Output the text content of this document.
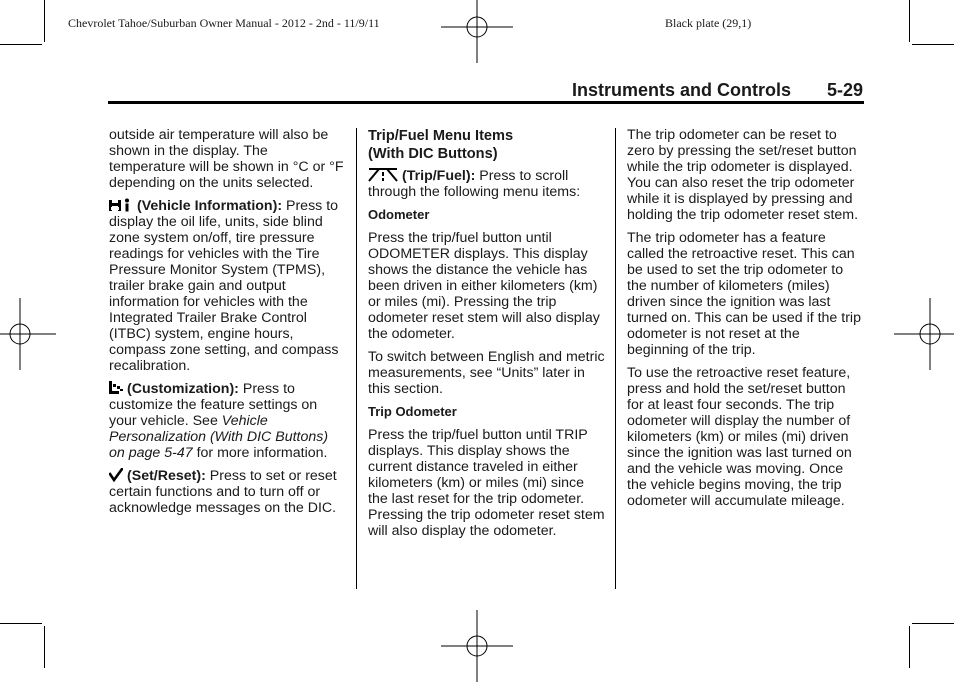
Chevrolet Tahoe/Suburban Owner Manual - 2012 - 2nd - 11/9/11	Black plate (29,1)
Instruments and Controls 5-29

outside air temperature will also be shown in the display. The temperature will be shown in °C or °F depending on the units selected.

(Vehicle Information): Press to display the oil life, units, side blind zone system on/off, tire pressure readings for vehicles with the Tire Pressure Monitor System (TPMS), trailer brake gain and output information for vehicles with the Integrated Trailer Brake Control (ITBC) system, engine hours, compass zone setting, and compass recalibration.

(Customization): Press to customize the feature settings on your vehicle. See Vehicle Personalization (With DIC Buttons) on page 5-47 for more information.

(Set/Reset): Press to set or reset certain functions and to turn off or acknowledge messages on the DIC.

Trip/Fuel Menu Items
(With DIC Buttons)

(Trip/Fuel): Press to scroll through the following menu items:

Odometer

Press the trip/fuel button until ODOMETER displays. This display shows the distance the vehicle has been driven in either kilometers (km) or miles (mi). Pressing the trip odometer reset stem will also display the odometer.

To switch between English and metric measurements, see “Units” later in this section.

Trip Odometer

Press the trip/fuel button until TRIP displays. This display shows the current distance traveled in either kilometers (km) or miles (mi) since the last reset for the trip odometer. Pressing the trip odometer reset stem will also display the odometer.

The trip odometer can be reset to zero by pressing the set/reset button while the trip odometer is displayed. You can also reset the trip odometer while it is displayed by pressing and holding the trip odometer reset stem.

The trip odometer has a feature called the retroactive reset. This can be used to set the trip odometer to the number of kilometers (miles) driven since the ignition was last turned on. This can be used if the trip odometer is not reset at the beginning of the trip.

To use the retroactive reset feature, press and hold the set/reset button for at least four seconds. The trip odometer will display the number of kilometers (km) or miles (mi) driven since the ignition was last turned on and the vehicle was moving. Once the vehicle begins moving, the trip odometer will accumulate mileage.
